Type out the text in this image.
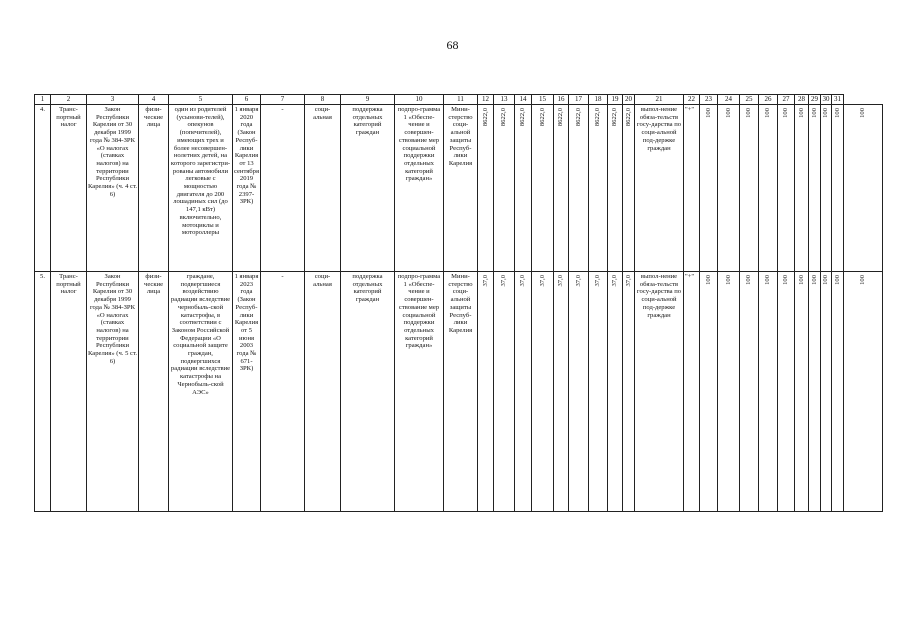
68
1	2	3	4	5	6	7	8	9	10	11	12	13	14	15	16	17	18	19	20	21	22	23	24	25	26	27	28	29	30	31	
4.	Транс-портный налог	Закон Республики Карелия от 30 декабря 1999 года № 384-ЗРК «О налогах (ставках налогов) на территории Республики Карелия» (ч. 4 ст. 6)	физи-ческие лица	один из родителей (усынови-телей), опекунов (попечителей), имеющих трех и более несовершен-нолетних детей, на которого зарегистри-рованы автомобили легковые с мощностью двигателя до 200 лошадиных сил (до 147,1 кВт) включительно, мотоциклы и мотороллеры	1 января 2020 года (Закон Респуб-лики Карелия от 13 сентября 2019 года № 2397-ЗРК)	-	соци-альная	поддержка отдельных категорий граждан	подпро-грамма 1 «Обеспе-чение и совершен-ствование мер социальной поддержки отдельных категорий граждан»	Мини-стерство соци-альной защиты Респуб-лики Карелия	8622,0	8622,0	8622,0	8622,0	8622,0	8622,0	8622,0	8622,0	8622,0	выпол-нение обяза-тельств госу-дарства по соци-альной под-держке граждан	"+"	100	100	100	100	100	100	100	100	100	100

5.	Транс-портный налог	Закон Республики Карелия от 30 декабря 1999 года № 384-ЗРК «О налогах (ставках налогов) на территории Республики Карелия» (ч. 5 ст. 6)	физи-ческие лица	граждане, подвергшиеся воздействию радиации вследствие чернобыль-ской катастрофы, в соответствии с Законом Российской Федерации «О социальной защите граждан, подвергшихся радиации вследствие катастрофы на Чернобыль-ской АЭС»	1 января 2023 года (Закон Респуб-лики Карелия от 5 июня 2003 года № 671-ЗРК)	-	соци-альная	поддержка отдельных категорий граждан	подпро-грамма 1 «Обеспе-чение и совершен-ствование мер социальной поддержки отдельных категорий граждан»	Мини-стерство соци-альной защиты Респуб-лики Карелия	37,0	37,0	37,0	37,0	37,0	37,0	37,0	37,0	37,0	выпол-нение обяза-тельств госу-дарства по соци-альной под-держке граждан	"+"	100	100	100	100	100	100	100	100	100	100
